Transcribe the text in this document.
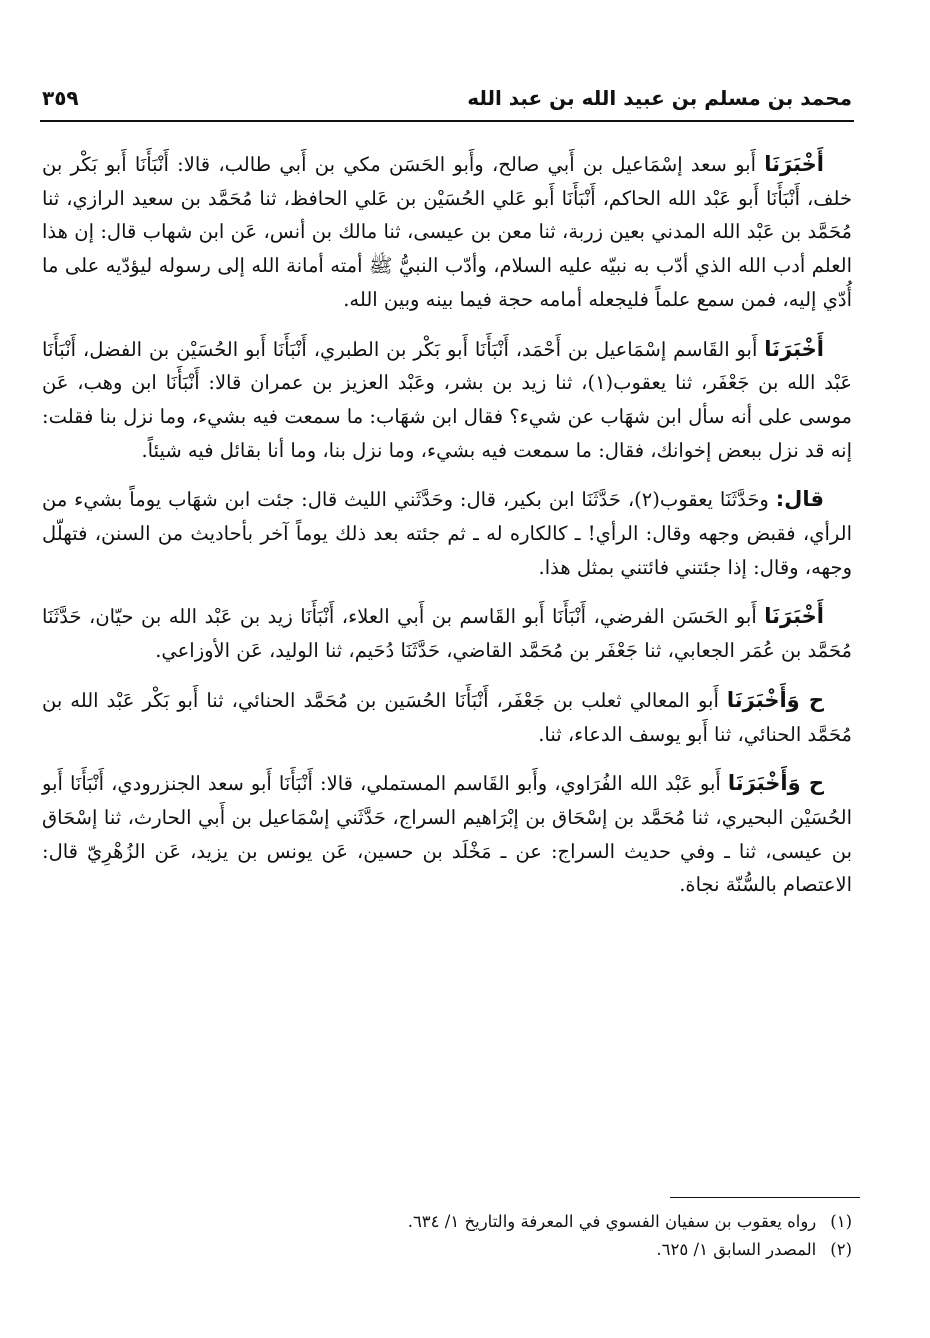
محمد بن مسلم بن عبيد الله بن عبد الله
٣٥٩

أَخْبَرَنَا أَبو سعد إسْمَاعيل بن أَبي صالح، وأَبو الحَسَن مكي بن أَبي طالب، قالا: أَنْبَأَنَا أَبو بَكْر بن خلف، أَنْبَأَنَا أَبو عَبْد الله الحاكم، أَنْبَأَنَا أَبو عَلي الحُسَيْن بن عَلي الحافظ، ثنا مُحَمَّد بن سعيد الرازي، ثنا مُحَمَّد بن عَبْد الله المدني بعين زربة، ثنا معن بن عيسى، ثنا مالك بن أنس، عَن ابن شهاب قال: إن هذا العلم أدب الله الذي أدّب به نبيّه عليه السلام، وأدّب النبيُّ ﷺ أمته أمانة الله إلى رسوله ليؤدّيه على ما أُدّي إليه، فمن سمع علماً فليجعله أمامه حجة فيما بينه وبين الله.

أَخْبَرَنَا أَبو القَاسم إسْمَاعيل بن أَحْمَد، أَنْبَأَنَا أَبو بَكْر بن الطبري، أَنْبَأَنَا أَبو الحُسَيْن بن الفضل، أَنْبَأَنَا عَبْد الله بن جَعْفَر، ثنا يعقوب(١)، ثنا زيد بن بشر، وعَبْد العزيز بن عمران قالا: أَنْبَأَنَا ابن وهب، عَن موسى على أنه سأل ابن شهَاب عن شيء؟ فقال ابن شهَاب: ما سمعت فيه بشيء، وما نزل بنا فقلت: إنه قد نزل ببعض إخوانك، فقال: ما سمعت فيه بشيء، وما نزل بنا، وما أنا بقائل فيه شيئاً.

قال: وحَدَّثَنَا يعقوب(٢)، حَدَّثَنَا ابن بكير، قال: وحَدَّثَني الليث قال: جئت ابن شهَاب يوماً بشيء من الرأي، فقبض وجهه وقال: الرأي! ـ كالكاره له ـ ثم جئته بعد ذلك يوماً آخر بأحاديث من السنن، فتهلّل وجهه، وقال: إذا جئتني فائتني بمثل هذا.

أَخْبَرَنَا أَبو الحَسَن الفرضي، أَنْبَأَنَا أَبو القَاسم بن أَبي العلاء، أَنْبَأَنَا زيد بن عَبْد الله بن حيّان، حَدَّثَنَا مُحَمَّد بن عُمَر الجعابي، ثنا جَعْفَر بن مُحَمَّد القاضي، حَدَّثَنَا دُحَيم، ثنا الوليد، عَن الأوزاعي.

ح وَأَخْبَرَنَا أَبو المعالي ثعلب بن جَعْفَر، أَنْبَأَنَا الحُسَين بن مُحَمَّد الحنائي، ثنا أَبو بَكْر عَبْد الله بن مُحَمَّد الحنائي، ثنا أَبو يوسف الدعاء، ثنا.

ح وَأَخْبَرَنَا أَبو عَبْد الله الفُرَاوي، وأَبو القَاسم المستملي، قالا: أَنْبَأَنَا أَبو سعد الجنزرودي، أَنْبَأَنَا أَبو الحُسَيْن البحيري، ثنا مُحَمَّد بن إسْحَاق بن إبْرَاهيم السراج، حَدَّثَني إسْمَاعيل بن أَبي الحارث، ثنا إسْحَاق بن عيسى، ثنا ـ وفي حديث السراج: عن ـ مَخْلَد بن حسين، عَن يونس بن يزيد، عَن الزُهْرِيّ قال: الاعتصام بالسُّنّة نجاة.

(١)رواه يعقوب بن سفيان الفسوي في المعرفة والتاريخ ١/ ٦٣٤.

(٢)المصدر السابق ١/ ٦٢٥.
